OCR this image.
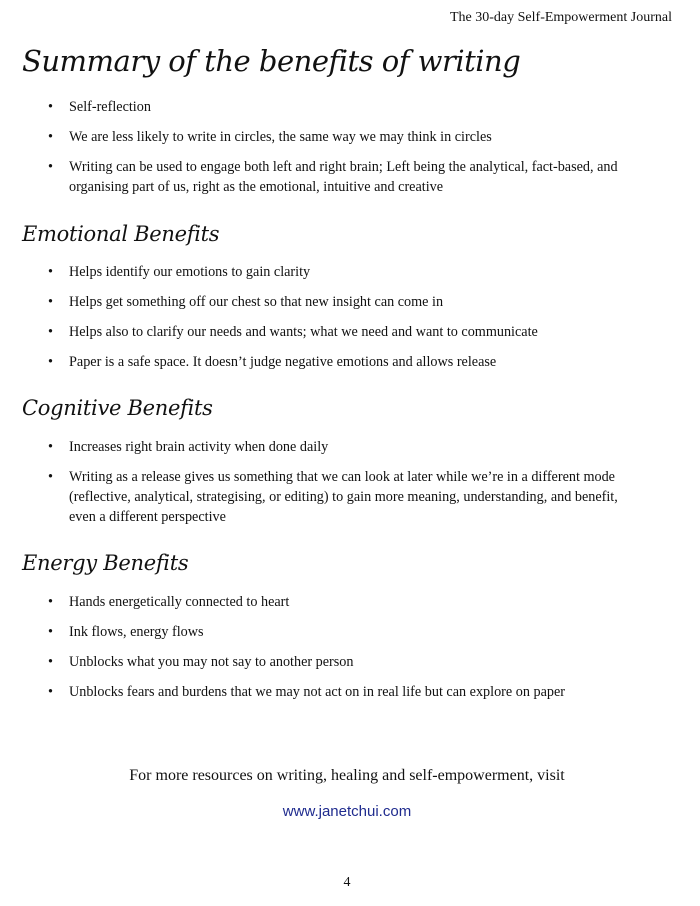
The 30-day Self-Empowerment Journal
Summary of the benefits of writing
• Self-reflection
• We are less likely to write in circles, the same way we may think in circles
• Writing can be used to engage both left and right brain; Left being the analytical, fact-based, and organising part of us, right as the emotional, intuitive and creative
Emotional Benefits
• Helps identify our emotions to gain clarity
• Helps get something off our chest so that new insight can come in
• Helps also to clarify our needs and wants; what we need and want to communicate
• Paper is a safe space. It doesn’t judge negative emotions and allows release
Cognitive Benefits
• Increases right brain activity when done daily
• Writing as a release gives us something that we can look at later while we’re in a different mode (reflective, analytical, strategising, or editing) to gain more meaning, understanding, and benefit, even a different perspective
Energy Benefits
• Hands energetically connected to heart
• Ink flows, energy flows
• Unblocks what you may not say to another person
• Unblocks fears and burdens that we may not act on in real life but can explore on paper
For more resources on writing, healing and self-empowerment, visit
www.janetchui.com
4
